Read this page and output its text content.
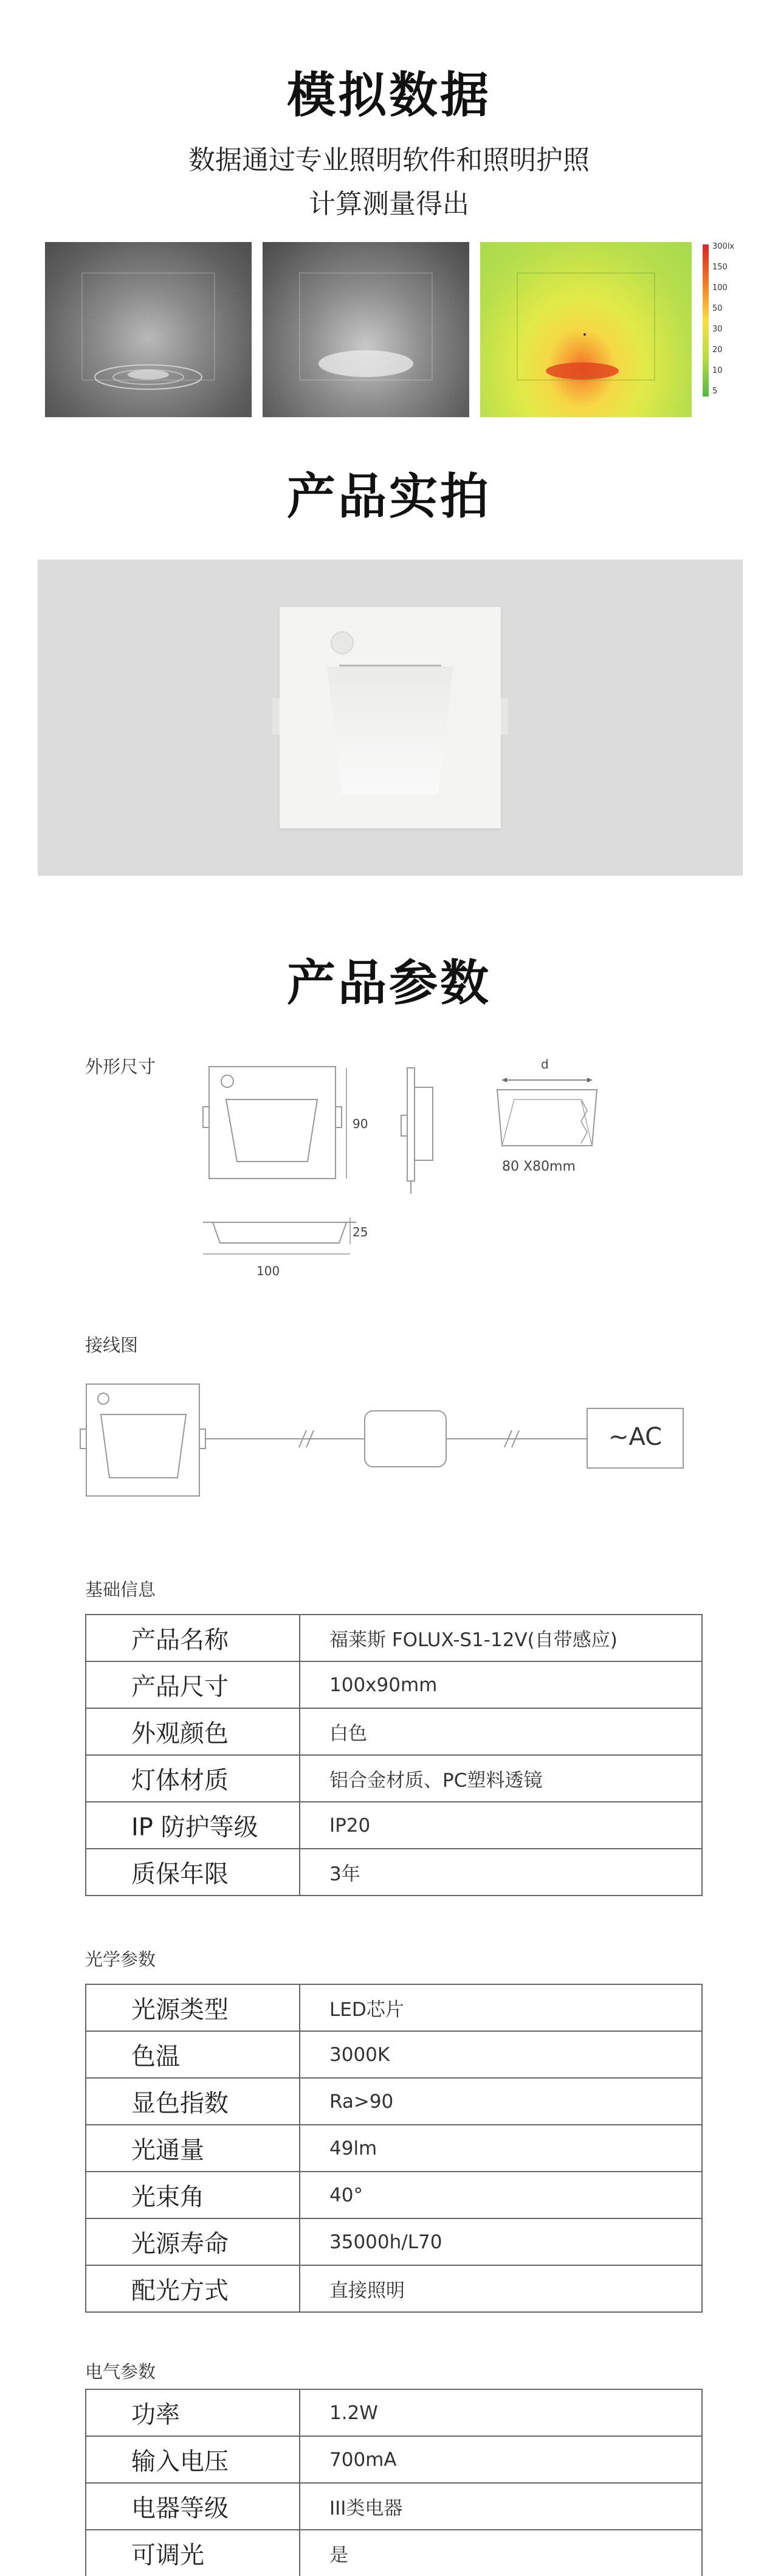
模拟数据
数据通过专业照明软件和照明护照
计算测量得出
300lx
150
100
50
30
20
10
5
产品实拍
产品参数
外形尺寸
90
d
80 X80mm
25
100
接线图
~AC
基础信息
产品名称	福莱斯 FOLUX-S1-12V(自带感应)
产品尺寸	100x90mm
外观颜色	白色
灯体材质	铝合金材质、PC塑料透镜
IP 防护等级	IP20
质保年限	3年
光学参数
光源类型	LED芯片
色温	3000K
显色指数	Ra>90
光通量	49lm
光束角	40°
光源寿命	35000h/L70
配光方式	直接照明
电气参数
功率	1.2W
输入电压	700mA
电器等级	III类电器
可调光	是
